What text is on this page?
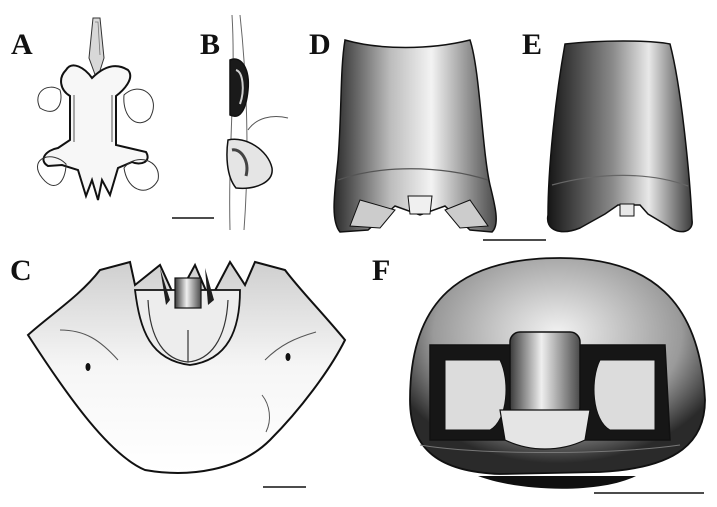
A	B
C
D	E
F
